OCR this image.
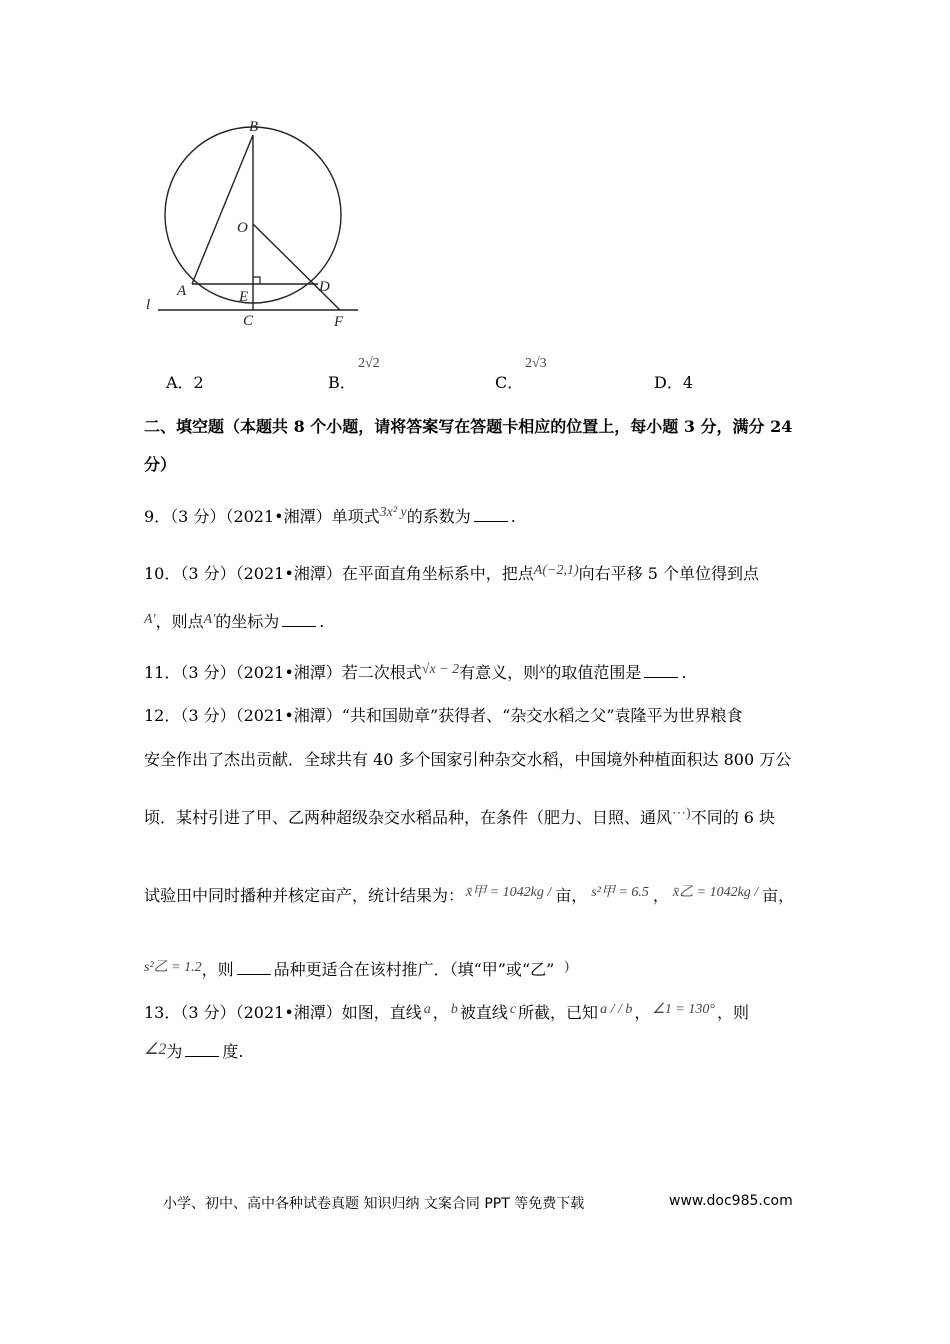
B
O
A	E
D
l
C	F
A．2	B．
2√2
C．
2√3
D．4
二、填空题（本题共 8 个小题，请将答案写在答题卡相应的位置上，每小题 3 分，满分 24
分）
9．（3 分）（2021•湘潭）单项式3x² y的系数为	.
10．（3 分）（2021•湘潭）在平面直角坐标系中，把点A(−2,1)向右平移 5 个单位得到点
A′，则点A′的坐标为	.
11．（3 分）（2021•湘潭）若二次根式√x − 2有意义，则x的取值范围是	.
12．（3 分）（2021•湘潭）“共和国勋章”获得者、“杂交水稻之父”袁隆平为世界粮食
安全作出了杰出贡献．全球共有 40 多个国家引种杂交水稻，中国境外种植面积达 800 万公
顷．某村引进了甲、乙两种超级杂交水稻品种，在条件（肥力、日照、通风⋯)不同的 6 块
试验田中同时播种并核定亩产，统计结果为： x̄甲 = 1042kg / 亩， s²甲 = 6.5 ， x̄乙 = 1042kg / 亩，
s²乙 = 1.2，则	品种更适合在该村推广．（填“甲”或“乙” )
13．（3 分）（2021•湘潭）如图，直线 a ， b 被直线 c 所截，已知 a / / b ， ∠1 = 130° ，则
∠2为	度.
小学、初中、高中各种试卷真题 知识归纳 文案合同 PPT 等免费下载	www.doc985.com
